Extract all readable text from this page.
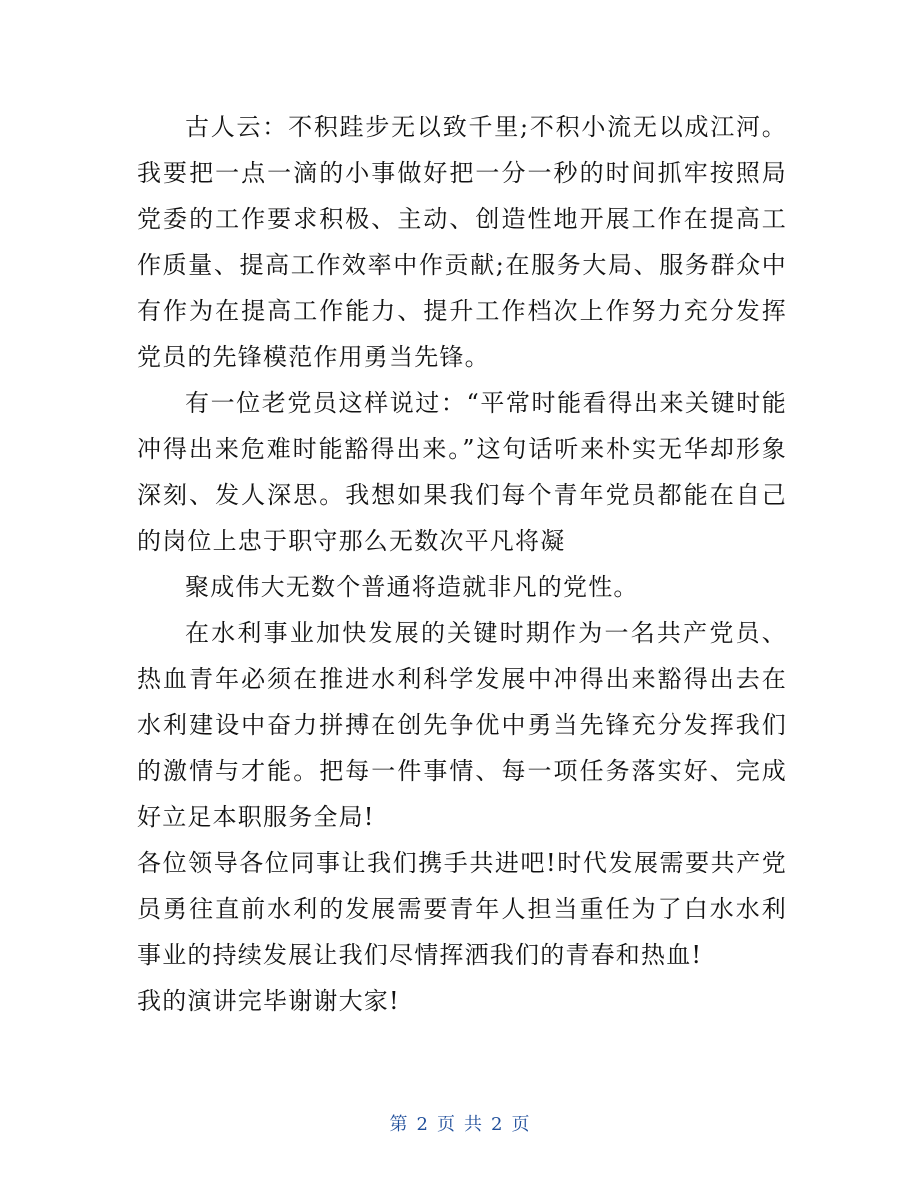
古人云：不积跬步无以致千里;不积小流无以成江河。我要把一点一滴的小事做好把一分一秒的时间抓牢按照局党委的工作要求积极、主动、创造性地开展工作在提高工作质量、提高工作效率中作贡献;在服务大局、服务群众中有作为在提高工作能力、提升工作档次上作努力充分发挥党员的先锋模范作用勇当先锋。

有一位老党员这样说过：“平常时能看得出来关键时能冲得出来危难时能豁得出来。”这句话听来朴实无华却形象深刻、发人深思。我想如果我们每个青年党员都能在自己的岗位上忠于职守那么无数次平凡将凝

聚成伟大无数个普通将造就非凡的党性。

在水利事业加快发展的关键时期作为一名共产党员、热血青年必须在推进水利科学发展中冲得出来豁得出去在水利建设中奋力拼搏在创先争优中勇当先锋充分发挥我们的激情与才能。把每一件事情、每一项任务落实好、完成好立足本职服务全局!

各位领导各位同事让我们携手共进吧!时代发展需要共产党员勇往直前水利的发展需要青年人担当重任为了白水水利事业的持续发展让我们尽情挥洒我们的青春和热血!

我的演讲完毕谢谢大家!

第 2 页 共 2 页
